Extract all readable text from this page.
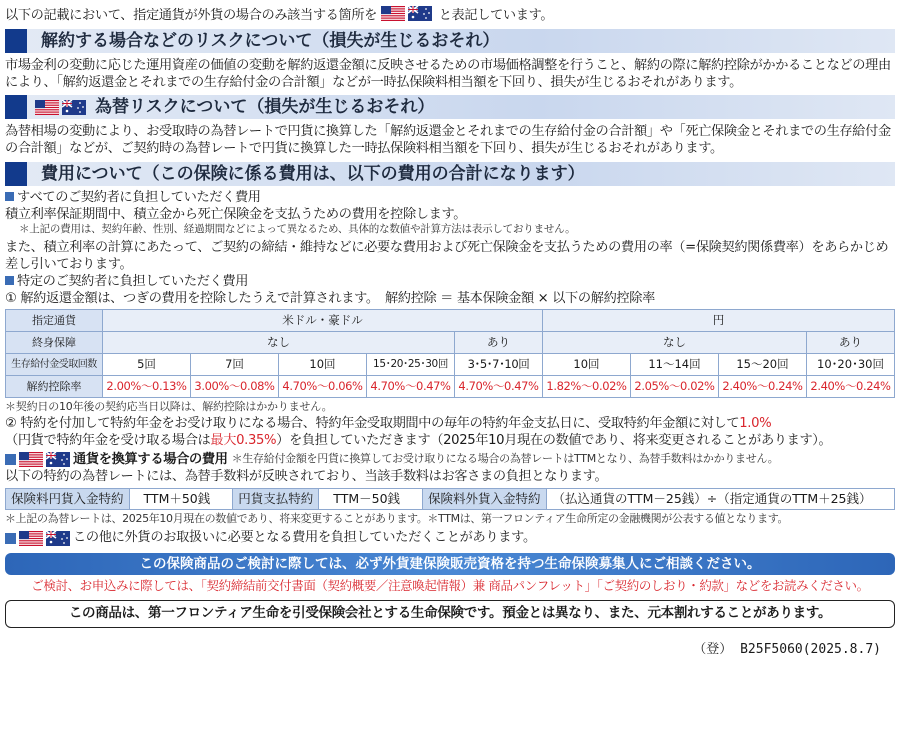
以下の記載において、指定通貨が外貨の場合のみ該当する箇所を	と表記しています。
解約する場合などのリスクについて（損失が生じるおそれ）
市場金利の変動に応じた運用資産の価値の変動を解約返還金額に反映させるための市場価格調整を行うこと、解約の際に解約控除がかかることなどの理由により、「解約返還金とそれまでの生存給付金の合計額」などが一時払保険料相当額を下回り、損失が生じるおそれがあります。
為替リスクについて（損失が生じるおそれ）
為替相場の変動により、お受取時の為替レートで円貨に換算した「解約返還金とそれまでの生存給付金の合計額」や「死亡保険金とそれまでの生存給付金の合計額」などが、ご契約時の為替レートで円貨に換算した一時払保険料相当額を下回り、損失が生じるおそれがあります。
費用について（この保険に係る費用は、以下の費用の合計になります）
すべてのご契約者に負担していただく費用
積立利率保証期間中、積立金から死亡保険金を支払うための費用を控除します。
＊上記の費用は、契約年齢、性別、経過期間などによって異なるため、具体的な数値や計算方法は表示しておりません。
また、積立利率の計算にあたって、ご契約の締結・維持などに必要な費用および死亡保険金を支払うための費用の率（=保険契約関係費率）をあらかじめ差し引いております。
特定のご契約者に負担していただく費用
① 解約返還金額は、つぎの費用を控除したうえで計算されます。　解約控除 ＝ 基本保険金額 × 以下の解約控除率
指定通貨	米ドル・豪ドル					円			
終身保障	なし				あり	なし			あり
生存給付金受取回数	5回	7回	10回	15･20･25･30回	3･5･7･10回	10回	11～14回	15～20回	10･20･30回
解約控除率	2.00%～0.13%	3.00%～0.08%	4.70%～0.06%	4.70%～0.47%	4.70%～0.47%	1.82%～0.02%	2.05%～0.02%	2.40%～0.24%	2.40%～0.24%
＊契約日の10年後の契約応当日以降は、解約控除はかかりません。
② 特約を付加して特約年金をお受け取りになる場合、特約年金受取期間中の毎年の特約年金支払日に、受取特約年金額に対して1.0%
（円貨で特約年金を受け取る場合は最大0.35%）を負担していただきます（2025年10月現在の数値であり、将来変更されることがあります）。
通貨を換算する場合の費用 ＊生存給付金額を円貨に換算してお受け取りになる場合の為替レートはTTMとなり、為替手数料はかかりません。
以下の特約の為替レートには、為替手数料が反映されており、当該手数料はお客さまの負担となります。
保険料円貨入金特約	TTM＋50銭	円貨支払特約	TTM－50銭	保険料外貨入金特約 （払込通貨のTTM－25銭）÷（指定通貨のTTM＋25銭）
＊上記の為替レートは、2025年10月現在の数値であり、将来変更することがあります。＊TTMは、第一フロンティア生命所定の金融機関が公表する値となります。
この他に外貨のお取扱いに必要となる費用を負担していただくことがあります。
この保険商品のご検討に際しては、必ず外貨建保険販売資格を持つ生命保険募集人にご相談ください。
ご検討、お申込みに際しては、「契約締結前交付書面（契約概要／注意喚起情報）兼 商品パンフレット」「ご契約のしおり・約款」などをお読みください。
この商品は、第一フロンティア生命を引受保険会社とする生命保険です。預金とは異なり、また、元本割れすることがあります。
（登） B25F5060(2025.8.7)
